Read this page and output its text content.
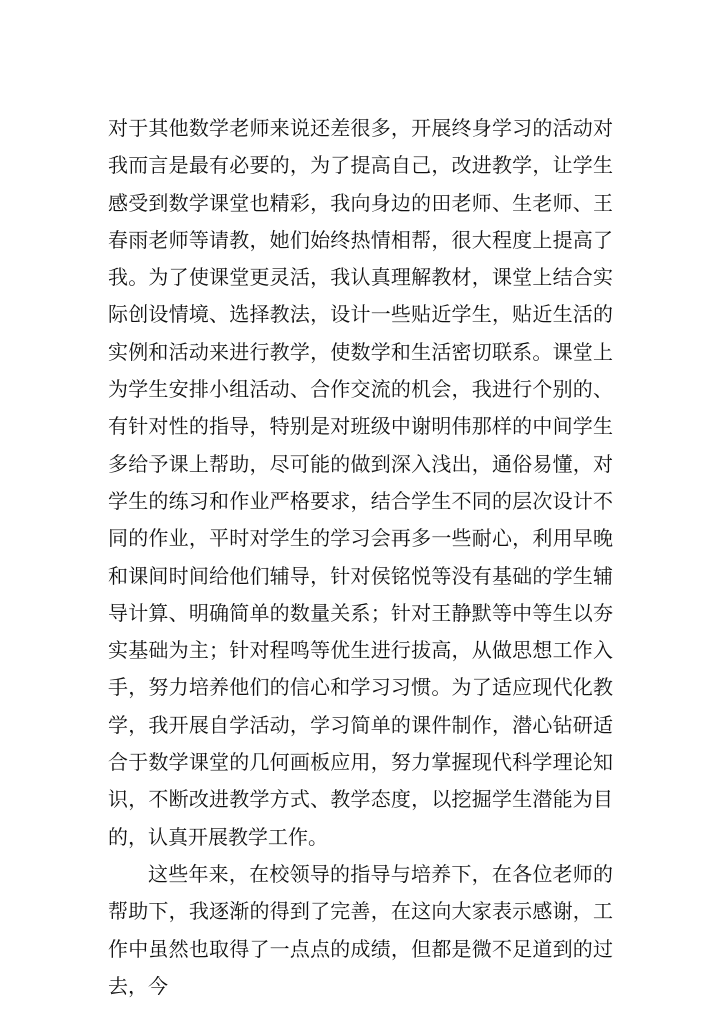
对于其他数学老师来说还差很多，开展终身学习的活动对我而言是最有必要的，为了提高自己，改进教学，让学生感受到数学课堂也精彩，我向身边的田老师、生老师、王春雨老师等请教，她们始终热情相帮，很大程度上提高了我。为了使课堂更灵活，我认真理解教材，课堂上结合实际创设情境、选择教法，设计一些贴近学生，贴近生活的实例和活动来进行教学，使数学和生活密切联系。课堂上为学生安排小组活动、合作交流的机会，我进行个别的、有针对性的指导，特别是对班级中谢明伟那样的中间学生多给予课上帮助，尽可能的做到深入浅出，通俗易懂，对学生的练习和作业严格要求，结合学生不同的层次设计不同的作业，平时对学生的学习会再多一些耐心，利用早晚和课间时间给他们辅导，针对侯铭悦等没有基础的学生辅导计算、明确简单的数量关系；针对王静默等中等生以夯实基础为主；针对程鸣等优生进行拔高，从做思想工作入手，努力培养他们的信心和学习习惯。为了适应现代化教学，我开展自学活动，学习简单的课件制作，潜心钻研适合于数学课堂的几何画板应用，努力掌握现代科学理论知识，不断改进教学方式、教学态度，以挖掘学生潜能为目的，认真开展教学工作。

这些年来，在校领导的指导与培养下，在各位老师的帮助下，我逐渐的得到了完善，在这向大家表示感谢，工作中虽然也取得了一点点的成绩，但都是微不足道到的过去，今
